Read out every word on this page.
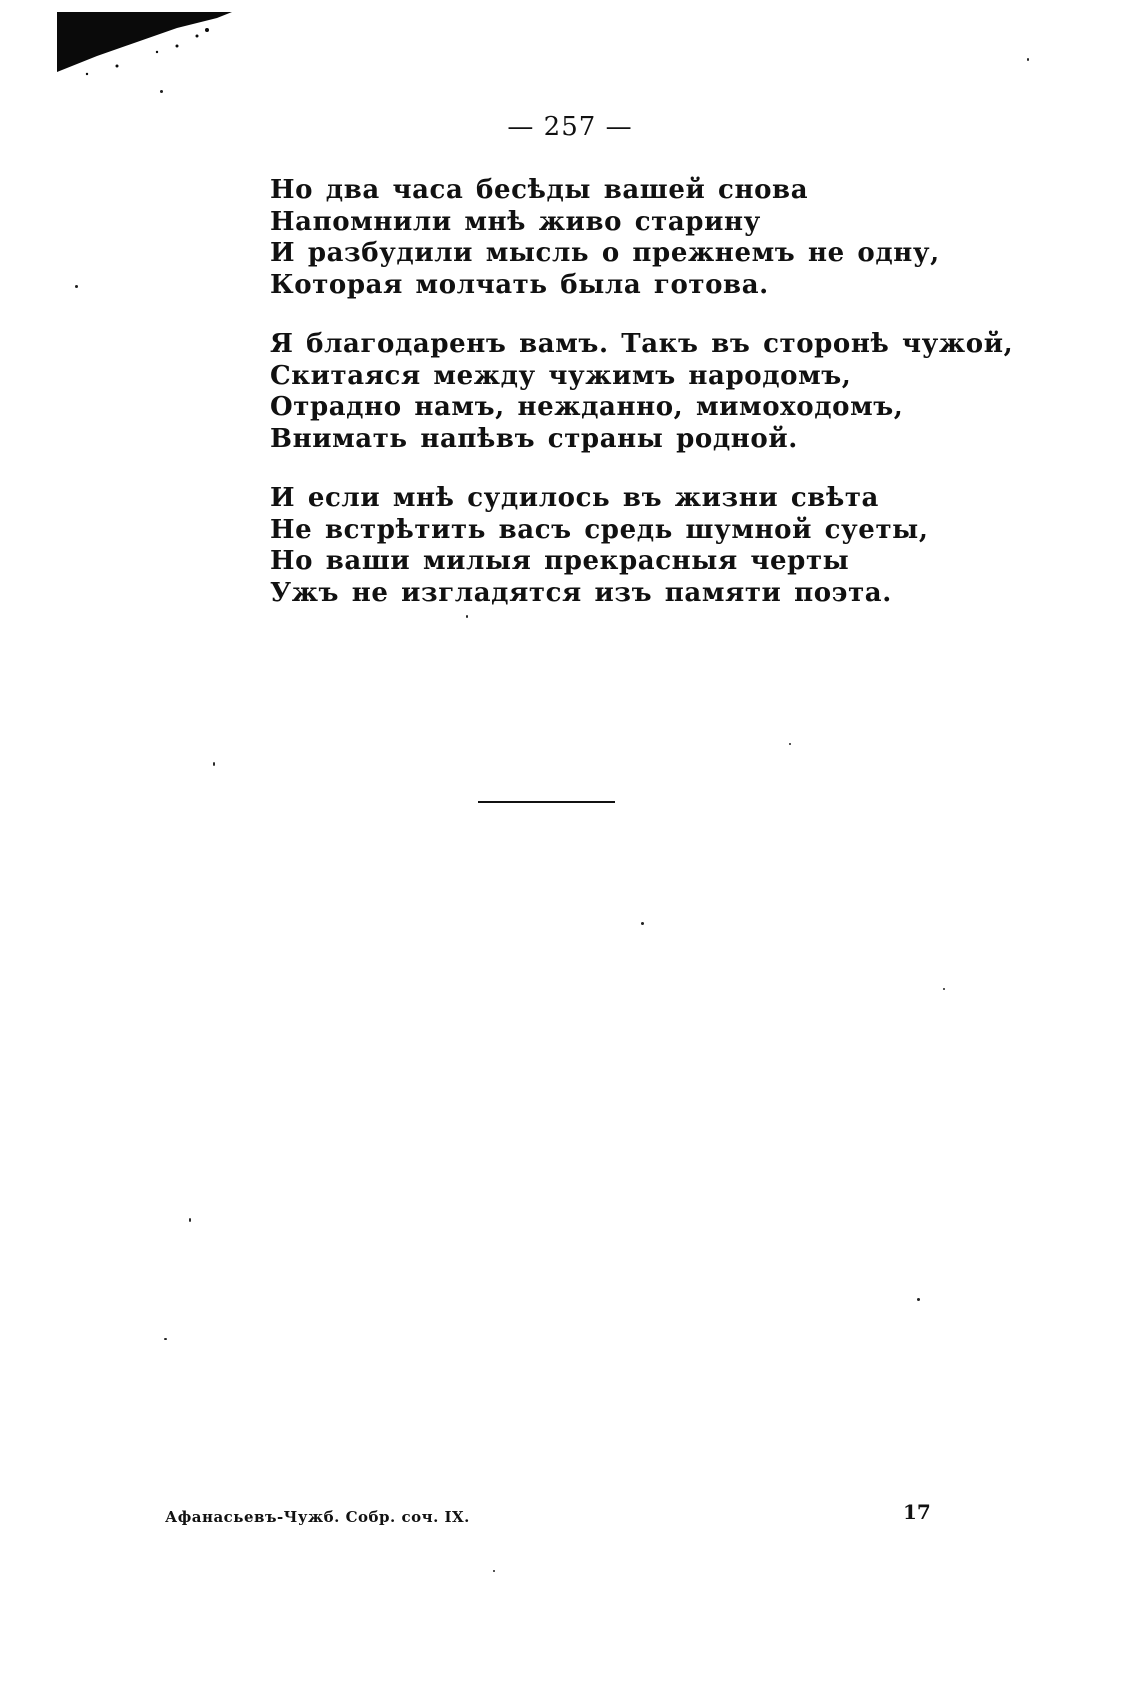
— 257 —
Но два часа бесѣды вашей снова
Напомнили мнѣ живо старину
И разбудили мысль о прежнемъ не одну,
Которая молчать была готова.
Я благодаренъ вамъ. Такъ въ сторонѣ чужой,
Скитаяся между чужимъ народомъ,
Отрадно намъ, нежданно, мимоходомъ,
Внимать напѣвъ страны родной.
И если мнѣ судилось въ жизни свѣта
Не встрѣтить васъ средь шумной суеты,
Но ваши милыя прекрасныя черты
Ужъ не изгладятся изъ памяти поэта.
Афанасьевъ-Чужб. Собр. соч. IX.	17
